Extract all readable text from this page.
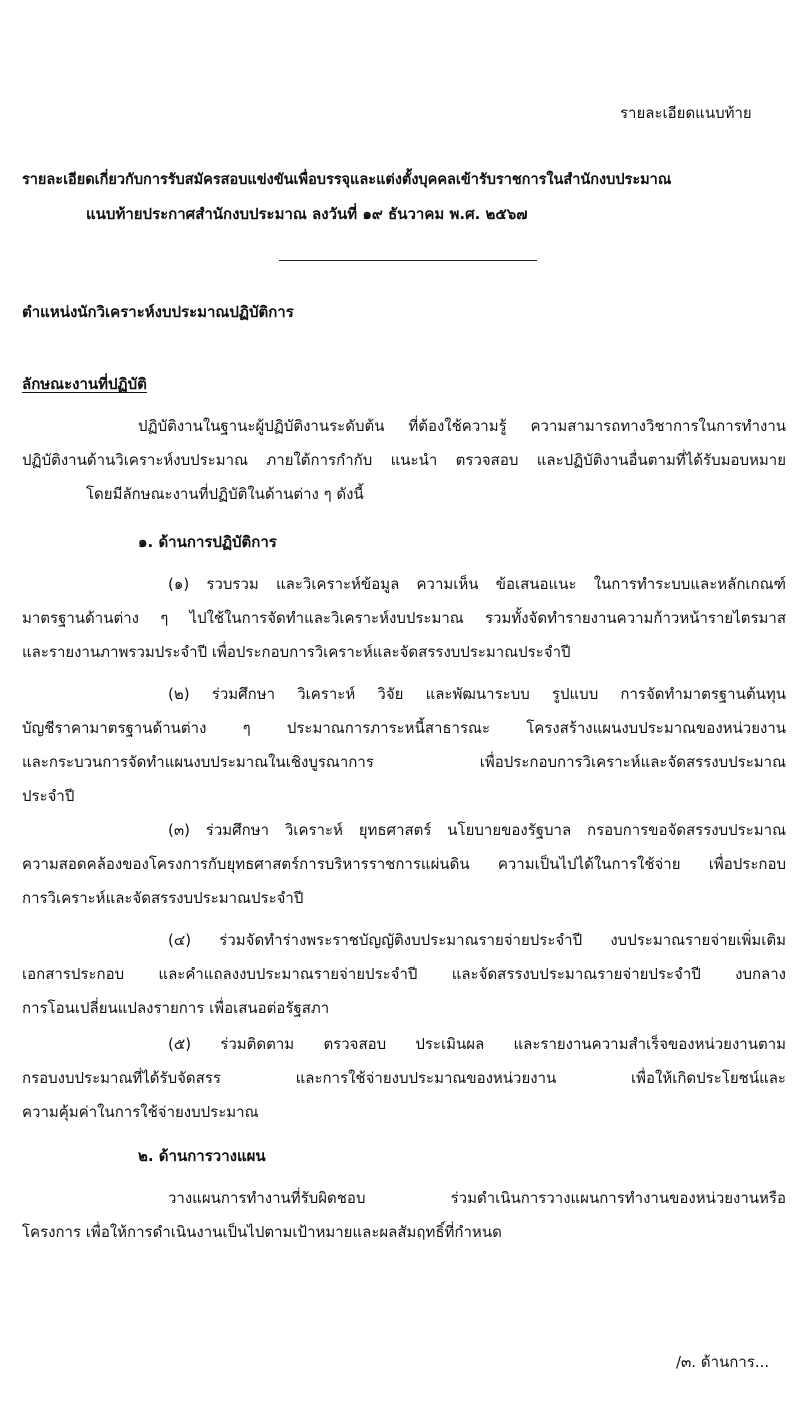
รายละเอียดแนบท้าย
รายละเอียดเกี่ยวกับการรับสมัครสอบแข่งขันเพื่อบรรจุและแต่งตั้งบุคคลเข้ารับราชการในสำนักงบประมาณ
แนบท้ายประกาศสำนักงบประมาณ ลงวันที่ ๑๙ ธันวาคม พ.ศ. ๒๕๖๗
ตำแหน่งนักวิเคราะห์งบประมาณปฏิบัติการ
ลักษณะงานที่ปฏิบัติ
ปฏิบัติงานในฐานะผู้ปฏิบัติงานระดับต้น ที่ต้องใช้ความรู้ ความสามารถทางวิชาการในการทำงาน
ปฏิบัติงานด้านวิเคราะห์งบประมาณ ภายใต้การกำกับ แนะนำ ตรวจสอบ และปฏิบัติงานอื่นตามที่ได้รับมอบหมาย
โดยมีลักษณะงานที่ปฏิบัติในด้านต่าง ๆ ดังนี้
๑. ด้านการปฏิบัติการ
(๑) รวบรวม และวิเคราะห์ข้อมูล ความเห็น ข้อเสนอแนะ ในการทำระบบและหลักเกณฑ์
มาตรฐานด้านต่าง ๆ ไปใช้ในการจัดทำและวิเคราะห์งบประมาณ รวมทั้งจัดทำรายงานความก้าวหน้ารายไตรมาส
และรายงานภาพรวมประจำปี เพื่อประกอบการวิเคราะห์และจัดสรรงบประมาณประจำปี
(๒) ร่วมศึกษา วิเคราะห์ วิจัย และพัฒนาระบบ รูปแบบ การจัดทำมาตรฐานต้นทุน
บัญชีราคามาตรฐานด้านต่าง ๆ ประมาณการภาระหนี้สาธารณะ โครงสร้างแผนงบประมาณของหน่วยงาน
และกระบวนการจัดทำแผนงบประมาณในเชิงบูรณาการ เพื่อประกอบการวิเคราะห์และจัดสรรงบประมาณ
ประจำปี
(๓) ร่วมศึกษา วิเคราะห์ ยุทธศาสตร์ นโยบายของรัฐบาล กรอบการขอจัดสรรงบประมาณ
ความสอดคล้องของโครงการกับยุทธศาสตร์การบริหารราชการแผ่นดิน ความเป็นไปได้ในการใช้จ่าย เพื่อประกอบ
การวิเคราะห์และจัดสรรงบประมาณประจำปี
(๔) ร่วมจัดทำร่างพระราชบัญญัติงบประมาณรายจ่ายประจำปี งบประมาณรายจ่ายเพิ่มเติม
เอกสารประกอบ และคำแถลงงบประมาณรายจ่ายประจำปี และจัดสรรงบประมาณรายจ่ายประจำปี งบกลาง
การโอนเปลี่ยนแปลงรายการ เพื่อเสนอต่อรัฐสภา
(๕) ร่วมติดตาม ตรวจสอบ ประเมินผล และรายงานความสำเร็จของหน่วยงานตาม
กรอบงบประมาณที่ได้รับจัดสรร และการใช้จ่ายงบประมาณของหน่วยงาน เพื่อให้เกิดประโยชน์และ
ความคุ้มค่าในการใช้จ่ายงบประมาณ
๒. ด้านการวางแผน
วางแผนการทำงานที่รับผิดชอบ ร่วมดำเนินการวางแผนการทำงานของหน่วยงานหรือ
โครงการ เพื่อให้การดำเนินงานเป็นไปตามเป้าหมายและผลสัมฤทธิ์ที่กำหนด
/๓. ด้านการ...
